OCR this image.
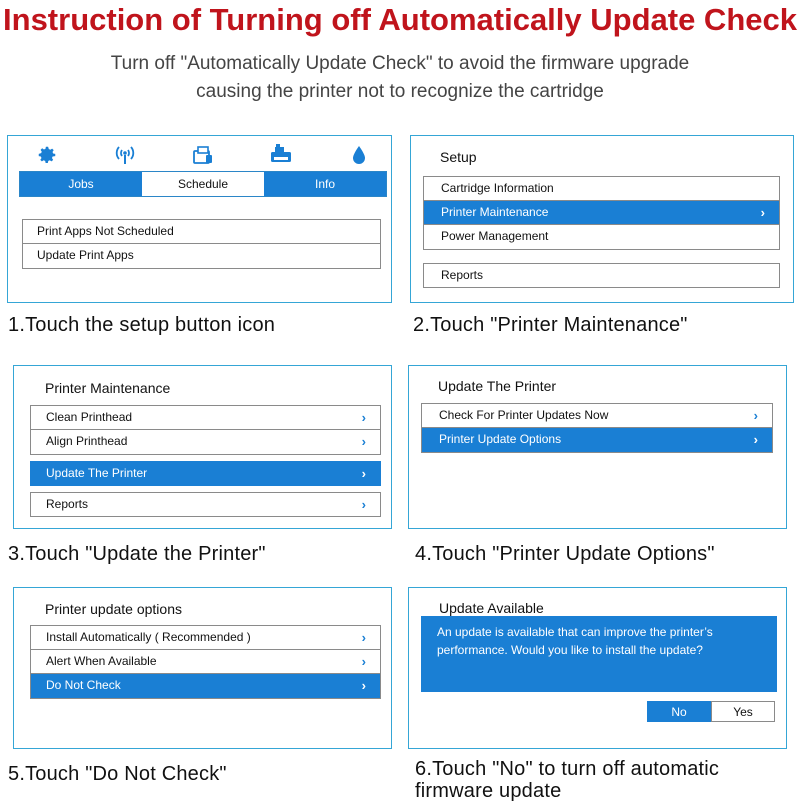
Instruction of Turning off Automatically Update Check
Turn off "Automatically Update Check" to avoid the firmware upgrade
causing the printer not to recognize the cartridge
Jobs	Schedule	Info
Print Apps Not Scheduled
Update Print Apps
1.Touch the setup button icon
Setup
Cartridge Information
Printer Maintenance	›
Power Management
Reports
2.Touch "Printer Maintenance"
Printer Maintenance
Clean Printhead	›
Align Printhead	›
Update The Printer	›
Reports	›
3.Touch "Update the Printer"
Update The Printer
Check For Printer Updates Now	›
Printer Update Options	›
4.Touch "Printer Update Options"
Printer update options
Install Automatically ( Recommended )	›
Alert When Available	›
Do Not Check	›
5.Touch "Do Not Check"
Update Available
An update is available that can improve the printer’s
performance. Would you like to install the update?
No	Yes
6.Touch "No" to turn off automatic
firmware update
